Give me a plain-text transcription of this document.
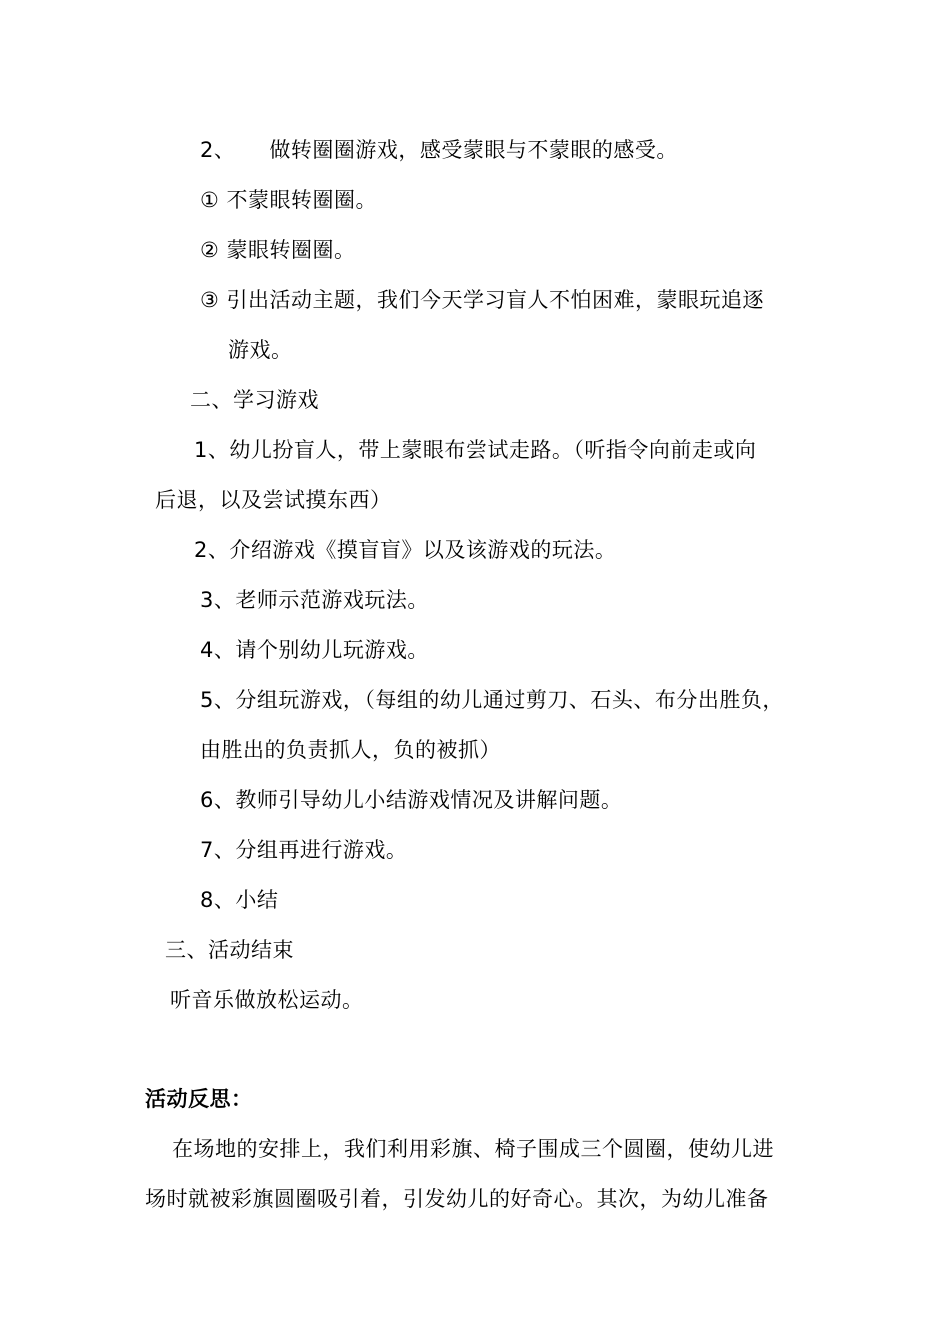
2、 做转圈圈游戏，感受蒙眼与不蒙眼的感受。
① 不蒙眼转圈圈。
② 蒙眼转圈圈。
③ 引出活动主题，我们今天学习盲人不怕困难，蒙眼玩追逐
游戏。
二、学习游戏
1、幼儿扮盲人，带上蒙眼布尝试走路。（听指令向前走或向
后退，以及尝试摸东西）
2、介绍游戏《摸盲盲》以及该游戏的玩法。
3、老师示范游戏玩法。
4、请个别幼儿玩游戏。
5、分组玩游戏，（每组的幼儿通过剪刀、石头、布分出胜负，
由胜出的负责抓人，负的被抓）
6、教师引导幼儿小结游戏情况及讲解问题。
7、分组再进行游戏。
8、小结
三、活动结束
听音乐做放松运动。
活动反思：
在场地的安排上，我们利用彩旗、椅子围成三个圆圈，使幼儿进
场时就被彩旗圆圈吸引着，引发幼儿的好奇心。其次，为幼儿准备
